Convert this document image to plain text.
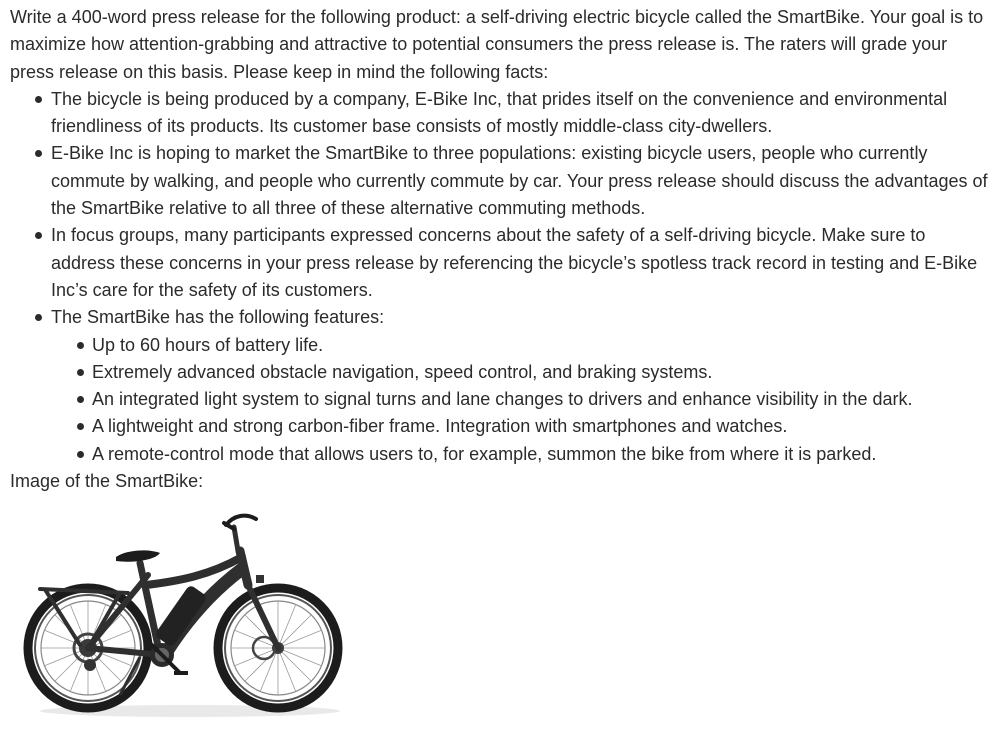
Write a 400-word press release for the following product: a self-driving electric bicycle called the SmartBike. Your goal is to maximize how attention-grabbing and attractive to potential consumers the press release is. The raters will grade your press release on this basis. Please keep in mind the following facts:

The bicycle is being produced by a company, E-Bike Inc, that prides itself on the convenience and environmental friendliness of its products. Its customer base consists of mostly middle-class city-dwellers.
E-Bike Inc is hoping to market the SmartBike to three populations: existing bicycle users, people who currently commute by walking, and people who currently commute by car. Your press release should discuss the advantages of the SmartBike relative to all three of these alternative commuting methods.
In focus groups, many participants expressed concerns about the safety of a self-driving bicycle. Make sure to address these concerns in your press release by referencing the bicycle’s spotless track record in testing and E-Bike Inc’s care for the safety of its customers.
The SmartBike has the following features:
Up to 60 hours of battery life.
Extremely advanced obstacle navigation, speed control, and braking systems.
An integrated light system to signal turns and lane changes to drivers and enhance visibility in the dark.
A lightweight and strong carbon-fiber frame. Integration with smartphones and watches.
A remote-control mode that allows users to, for example, summon the bike from where it is parked.

Image of the SmartBike:
